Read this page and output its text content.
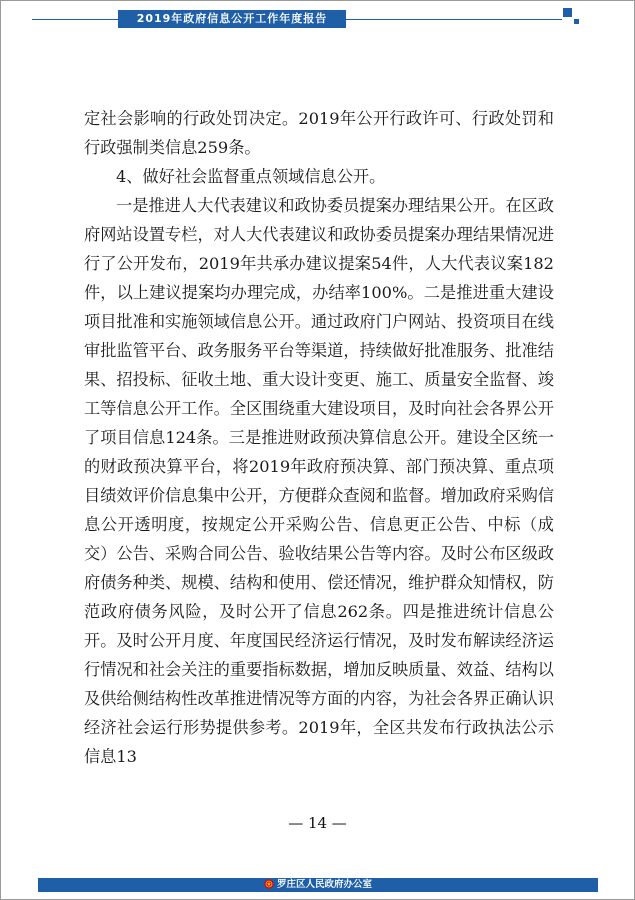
2019年政府信息公开工作年度报告

定社会影响的行政处罚决定。2019年公开行政许可、行政处罚和行政强制类信息259条。

4、做好社会监督重点领域信息公开。

一是推进人大代表建议和政协委员提案办理结果公开。在区政府网站设置专栏，对人大代表建议和政协委员提案办理结果情况进行了公开发布，2019年共承办建议提案54件，人大代表议案182件，以上建议提案均办理完成，办结率100%。二是推进重大建设项目批准和实施领域信息公开。通过政府门户网站、投资项目在线审批监管平台、政务服务平台等渠道，持续做好批准服务、批准结果、招投标、征收土地、重大设计变更、施工、质量安全监督、竣工等信息公开工作。全区围绕重大建设项目，及时向社会各界公开了项目信息124条。三是推进财政预决算信息公开。建设全区统一的财政预决算平台，将2019年政府预决算、部门预决算、重点项目绩效评价信息集中公开，方便群众查阅和监督。增加政府采购信息公开透明度，按规定公开采购公告、信息更正公告、中标（成交）公告、采购合同公告、验收结果公告等内容。及时公布区级政府债务种类、规模、结构和使用、偿还情况，维护群众知情权，防范政府债务风险，及时公开了信息262条。四是推进统计信息公开。及时公开月度、年度国民经济运行情况，及时发布解读经济运行情况和社会关注的重要指标数据，增加反映质量、效益、结构以及供给侧结构性改革推进情况等方面的内容，为社会各界正确认识经济社会运行形势提供参考。2019年，全区共发布行政执法公示信息13

— 14 —
罗庄区人民政府办公室
